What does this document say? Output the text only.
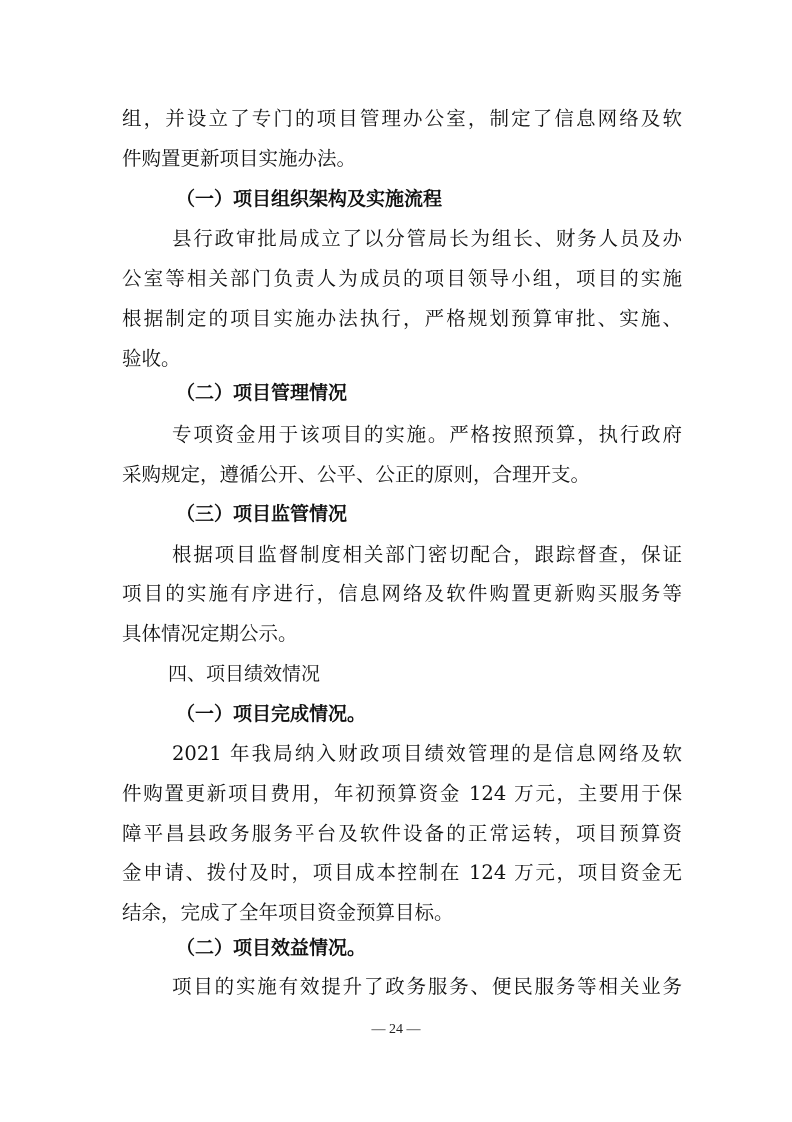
组，并设立了专门的项目管理办公室，制定了信息网络及软

件购置更新项目实施办法。

（一）项目组织架构及实施流程

县行政审批局成立了以分管局长为组长、财务人员及办

公室等相关部门负责人为成员的项目领导小组，项目的实施

根据制定的项目实施办法执行，严格规划预算审批、实施、

验收。

（二）项目管理情况

专项资金用于该项目的实施。严格按照预算，执行政府

采购规定，遵循公开、公平、公正的原则，合理开支。

（三）项目监管情况

根据项目监督制度相关部门密切配合，跟踪督查，保证

项目的实施有序进行，信息网络及软件购置更新购买服务等

具体情况定期公示。

四、项目绩效情况

（一）项目完成情况。

2021 年我局纳入财政项目绩效管理的是信息网络及软

件购置更新项目费用，年初预算资金 124 万元，主要用于保

障平昌县政务服务平台及软件设备的正常运转，项目预算资

金申请、拨付及时，项目成本控制在 124 万元，项目资金无

结余，完成了全年项目资金预算目标。

（二）项目效益情况。

项目的实施有效提升了政务服务、便民服务等相关业务

— 24 —
